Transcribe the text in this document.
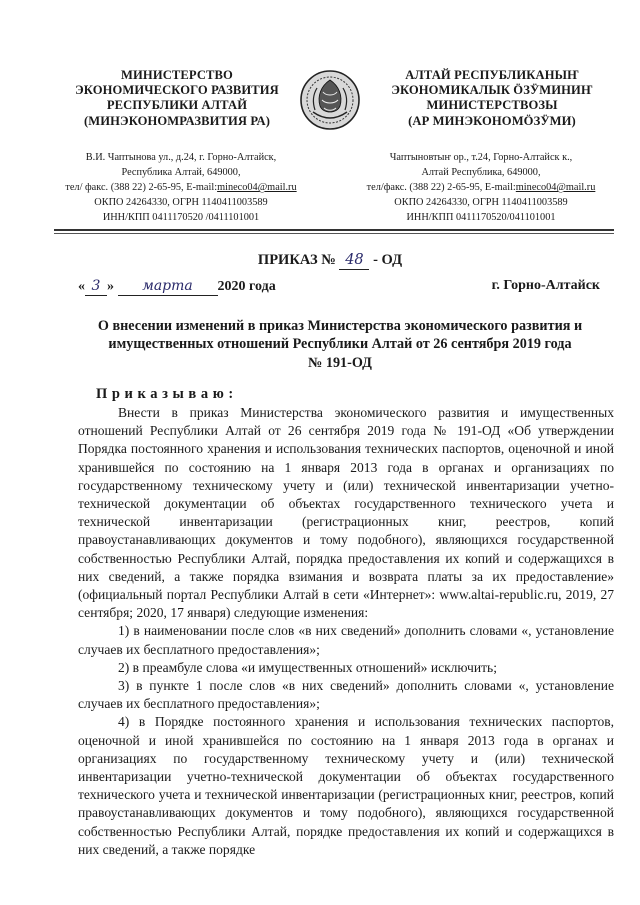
МИНИСТЕРСТВО
ЭКОНОМИЧЕСКОГО РАЗВИТИЯ
РЕСПУБЛИКИ АЛТАЙ
(МИНЭКОНОМРАЗВИТИЯ РА)
АЛТАЙ РЕСПУБЛИКАНЫҤ
ЭКОНОМИКАЛЫК ӦЗӰМИНИҤ
МИНИСТЕРСТВОЗЫ
(АР МИНЭКОНОМӦЗӰМИ)
В.И. Чаптынова ул., д.24, г. Горно-Алтайск,
Республика Алтай, 649000,
тел/ факс. (388 22) 2-65-95, E-mail:mineco04@mail.ru
ОКПО 24264330, ОГРН 1140411003589
ИНН/КПП 0411170520 /0411101001
Чаптыновтыҥ ор., т.24, Горно-Алтайск к.,
Алтай Республика, 649000,
тел/факс. (388 22) 2-65-95, E-mail:mineco04@mail.ru
ОКПО 24264330, ОГРН 1140411003589
ИНН/КПП 0411170520/041101001
ПРИКАЗ № 48 - ОД
« 3 » марта 2020 года	г. Горно-Алтайск
О внесении изменений в приказ Министерства экономического развития и
имущественных отношений Республики Алтай от 26 сентября 2019 года
№ 191-ОД
Приказываю:

Внести в приказ Министерства экономического развития и имущественных отношений Республики Алтай от 26 сентября 2019 года № 191-ОД «Об утверждении Порядка постоянного хранения и использования технических паспортов, оценочной и иной хранившейся по состоянию на 1 января 2013 года в органах и организациях по государственному техническому учету и (или) технической инвентаризации учетно-технической документации об объектах государственного технического учета и технической инвентаризации (регистрационных книг, реестров, копий правоустанавливающих документов и тому подобного), являющихся государственной собственностью Республики Алтай, порядка предоставления их копий и содержащихся в них сведений, а также порядка взимания и возврата платы за их предоставление» (официальный портал Республики Алтай в сети «Интернет»: www.altai-republic.ru, 2019, 27 сентября; 2020, 17 января) следующие изменения:

1) в наименовании после слов «в них сведений» дополнить словами «, установление случаев их бесплатного предоставления»;

2) в преамбуле слова «и имущественных отношений» исключить;

3) в пункте 1 после слов «в них сведений» дополнить словами «, установление случаев их бесплатного предоставления»;

4) в Порядке постоянного хранения и использования технических паспортов, оценочной и иной хранившейся по состоянию на 1 января 2013 года в органах и организациях по государственному техническому учету и (или) технической инвентаризации учетно-технической документации об объектах государственного технического учета и технической инвентаризации (регистрационных книг, реестров, копий правоустанавливающих документов и тому подобного), являющихся государственной собственностью Республики Алтай, порядке предоставления их копий и содержащихся в них сведений, а также порядке
